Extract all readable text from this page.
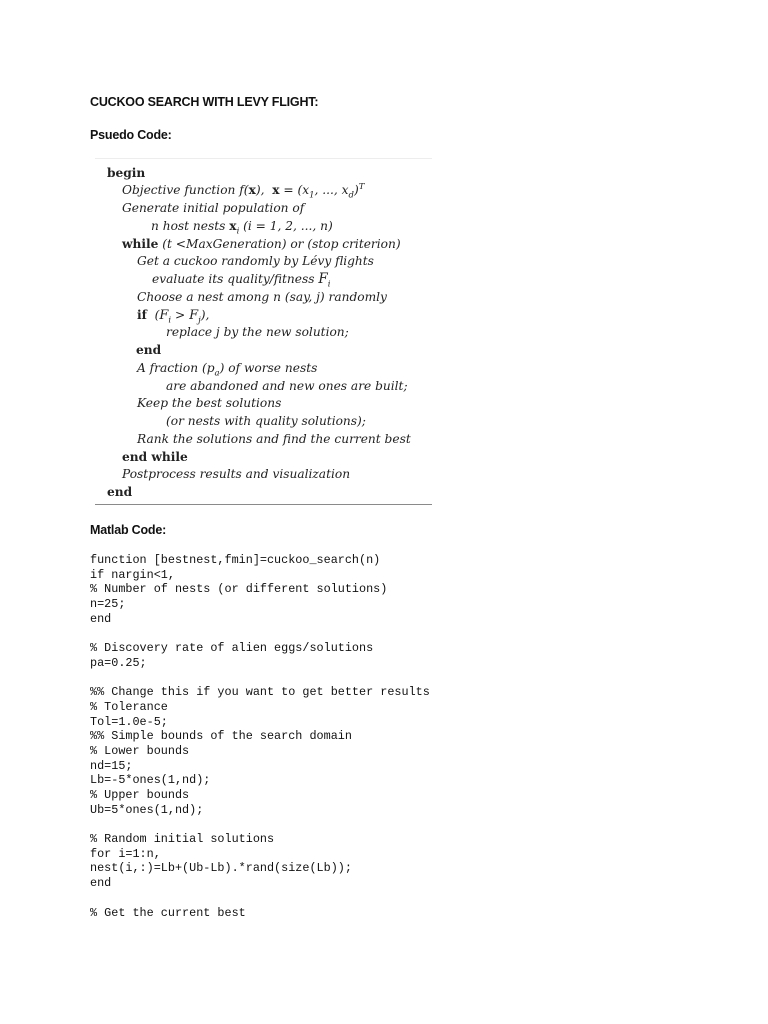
CUCKOO SEARCH WITH LEVY FLIGHT:
Psuedo Code:
begin
Objective function f(x),  $x = (x_1$, ..., $x_d)^T$
Generate initial population of
n host nests $x_i$ (i = 1, 2, ..., n)
while (t <MaxGeneration) or (stop criterion)
Get a cuckoo randomly by Lévy flights
evaluate its quality/fitness $F_i$
Choose a nest among n (say, j) randomly
if  $(F_i > F_j)$,
replace j by the new solution;
end
A fraction $(p_a)$ of worse nests
are abandoned and new ones are built;
Keep the best solutions
(or nests with quality solutions);
Rank the solutions and find the current best
end while
Postprocess results and visualization
end
Matlab Code:
function [bestnest,fmin]=cuckoo_search(n)
if nargin<1,
% Number of nests (or different solutions)
n=25;
end
% Discovery rate of alien eggs/solutions
pa=0.25;
%% Change this if you want to get better results
% Tolerance
Tol=1.0e-5;
%% Simple bounds of the search domain
% Lower bounds
nd=15;
Lb=-5*ones(1,nd);
% Upper bounds
Ub=5*ones(1,nd);
% Random initial solutions
for i=1:n,
nest(i,:)=Lb+(Ub-Lb).*rand(size(Lb));
end
% Get the current best
